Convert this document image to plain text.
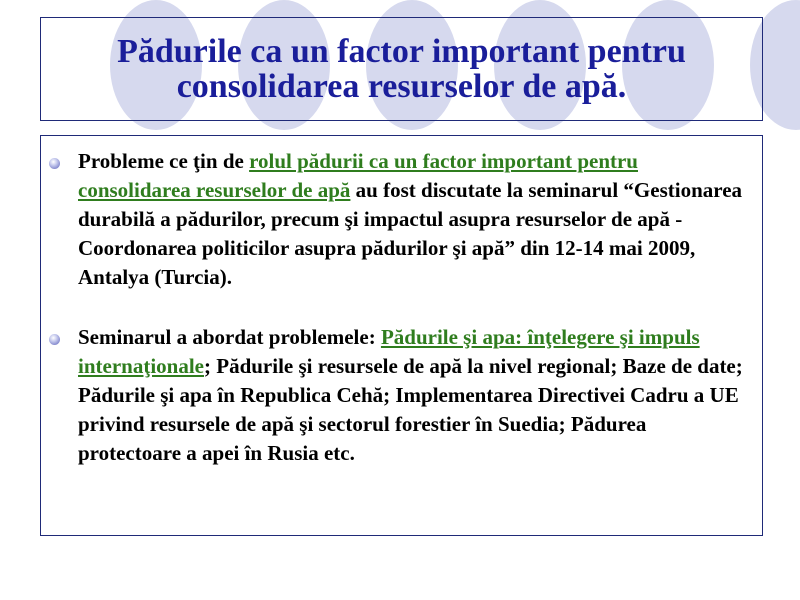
Pădurile ca un factor important pentru
consolidarea resurselor de apă.
Probleme ce ţin de rolul pădurii ca un factor important pentru consolidarea resurselor de apă au fost discutate la seminarul “Gestionarea durabilă a pădurilor, precum şi impactul asupra resurselor de apă - Coordonarea politicilor asupra pădurilor şi apă” din 12-14 mai 2009, Antalya (Turcia).
Seminarul a abordat problemele: Pădurile şi apa: înţelegere şi impuls internaţionale; Pădurile şi resursele de apă la nivel regional; Baze de date; Pădurile şi apa în Republica Cehă; Implementarea Directivei Cadru a UE privind resursele de apă şi sectorul forestier în Suedia; Pădurea protectoare a apei în Rusia etc.
